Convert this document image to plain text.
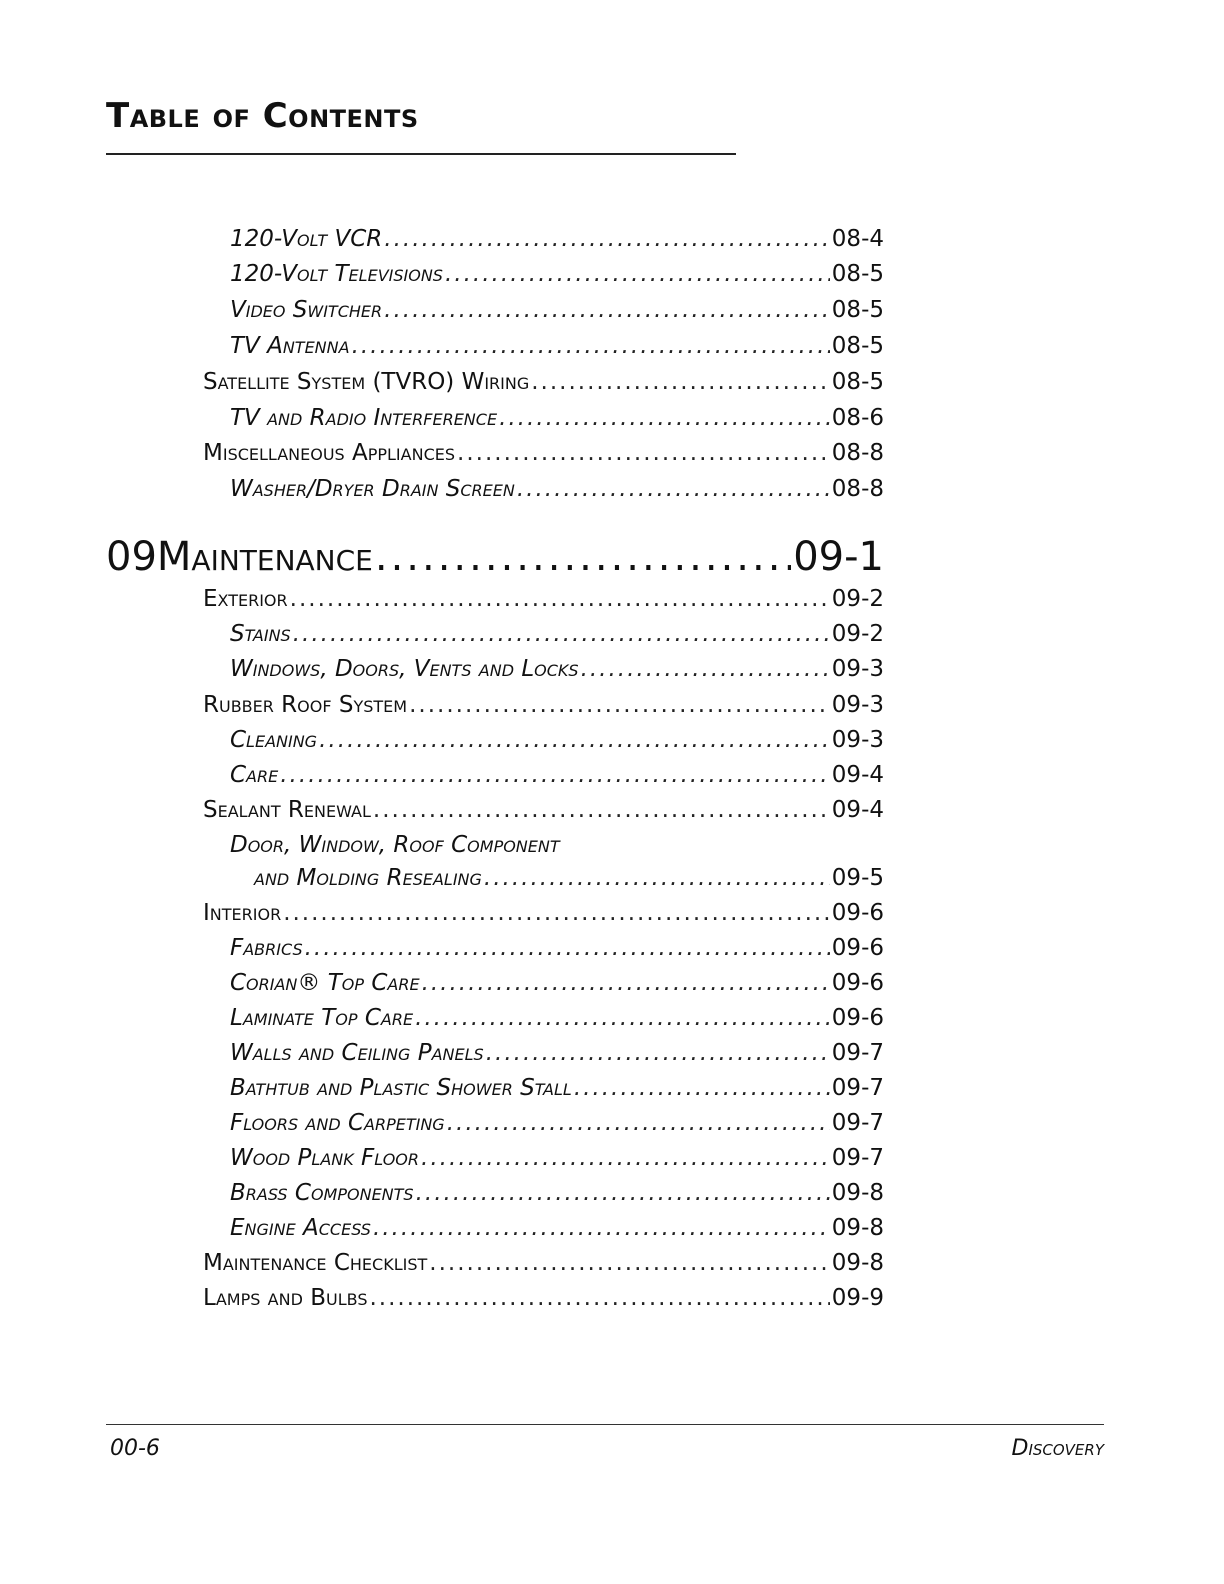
Table of Contents
120-Volt VCR .....	08-4
120-Volt Televisions .....	08-5
Video Switcher .....	08-5
TV Antenna .....	08-5
Satellite System (TVRO) Wiring .....	08-5
TV and Radio Interference .....	08-6
Miscellaneous Appliances .....	08-8
Washer/Dryer Drain Screen .....	08-8
09 Maintenance .....	09-1
Exterior .....	09-2
Stains .....	09-2
Windows, Doors, Vents and Locks .....	09-3
Rubber Roof System .....	09-3
Cleaning .....	09-3
Care .....	09-4
Sealant Renewal .....	09-4
Door, Window, Roof Component
and Molding Resealing .....	09-5
Interior .....	09-6
Fabrics .....	09-6
Corian® Top Care .....	09-6
Laminate Top Care .....	09-6
Walls and Ceiling Panels .....	09-7
Bathtub and Plastic Shower Stall .....	09-7
Floors and Carpeting .....	09-7
Wood Plank Floor .....	09-7
Brass Components .....	09-8
Engine Access .....	09-8
Maintenance Checklist .....	09-8
Lamps and Bulbs .....	09-9
00-6	Discovery
